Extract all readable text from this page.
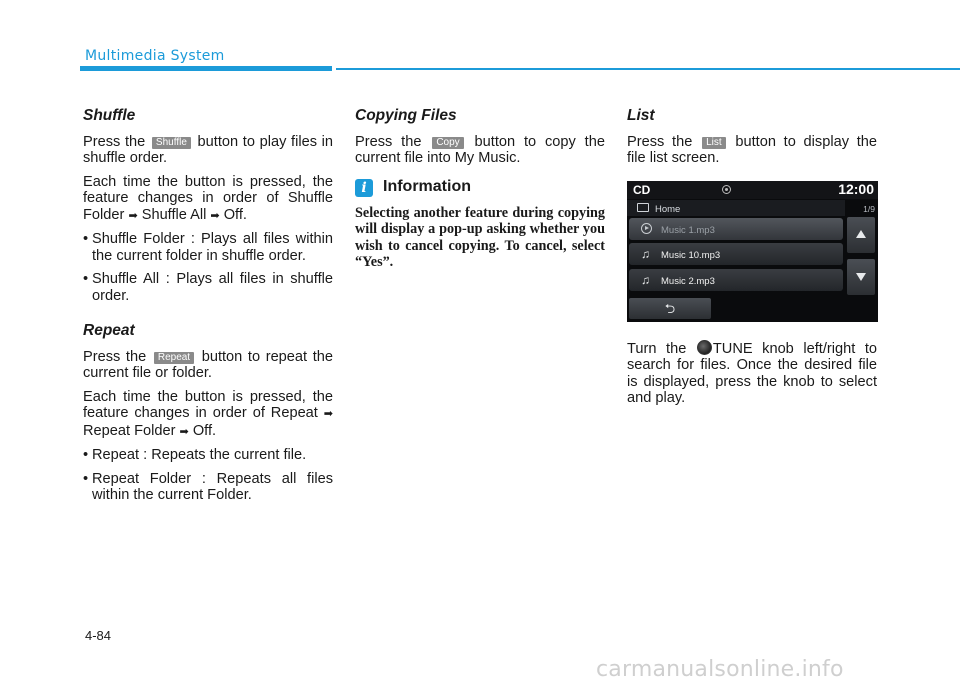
Multimedia System
Shuffle

Press the Shuffle button to play files in shuffle order.

Each time the button is pressed, the feature changes in order of Shuffle Folder ➡ Shuffle All ➡ Off.

• Shuffle Folder : Plays all files within the current folder in shuffle order.
• Shuffle All : Plays all files in shuffle order.
Repeat

Press the Repeat button to repeat the current file or folder.

Each time the button is pressed, the feature changes in order of Repeat ➡ Repeat Folder ➡ Off.

• Repeat : Repeats the current file.
• Repeat Folder : Repeats all files within the current Folder.
Copying Files

Press the Copy button to copy the current file into My Music.

i	Information

Selecting another feature during copying will display a pop-up asking whether you wish to cancel copying. To cancel, select “Yes”.

List

Press the List button to display the file list screen.

CD	12:00
Home	1/9
Music 1.mp3
♫ Music 10.mp3
♫ Music 2.mp3
⮌

Turn the TUNE knob left/right to search for files. Once the desired file is displayed, press the knob to select and play.

4-84
carmanualsonline.info
